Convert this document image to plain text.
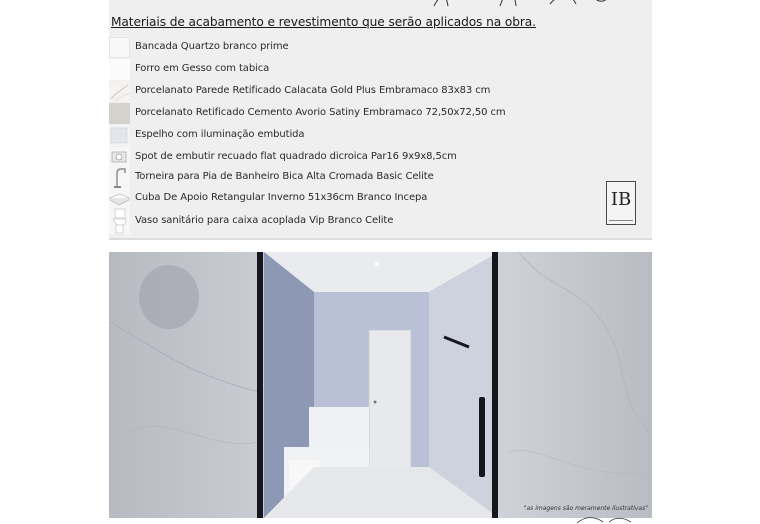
Materiais de acabamento e revestimento que serão aplicados na obra.
Bancada Quartzo branco prime
Forro em Gesso com tabica
Porcelanato Parede Retificado Calacata Gold Plus Embramaco 83x83 cm
Porcelanato Retificado Cemento Avorio Satiny Embramaco 72,50x72,50 cm
Espelho com iluminação embutida
Spot de embutir recuado flat quadrado dicroica Par16 9x9x8,5cm
Torneira para Pia de Banheiro Bica Alta Cromada Basic Celite
Cuba De Apoio Retangular Inverno 51x36cm Branco Incepa
Vaso sanitário para caixa acoplada Vip Branco Celite
IB
"as imagens são meramente ilustrativas"
